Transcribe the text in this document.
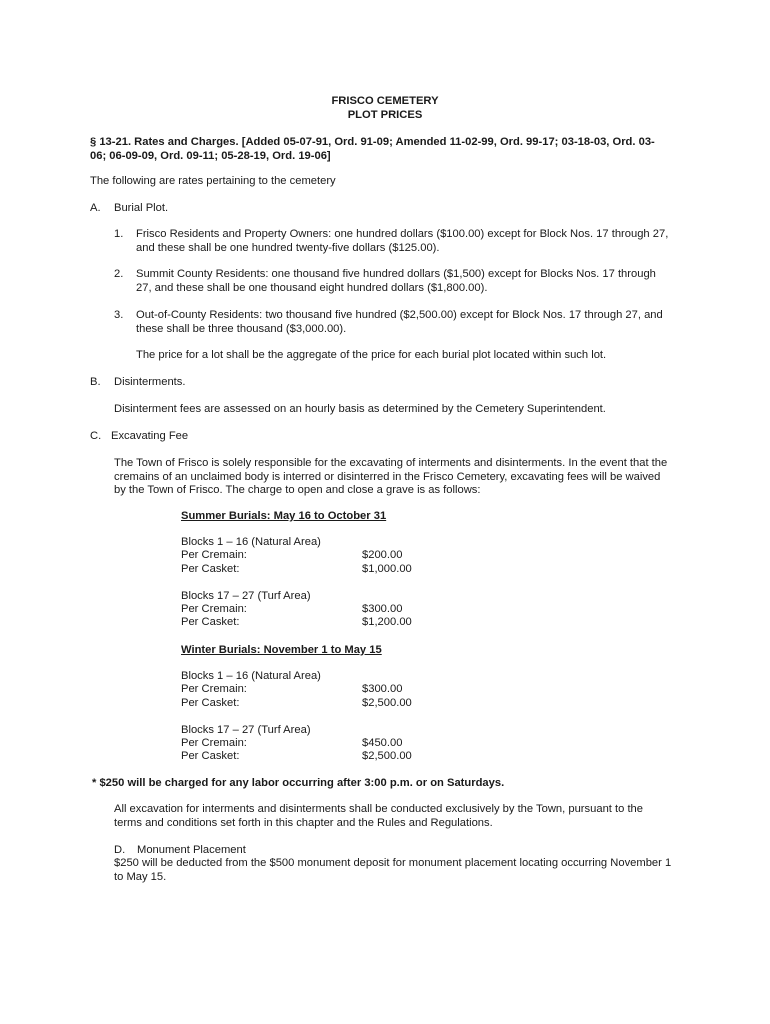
FRISCO CEMETERY
PLOT PRICES
§ 13-21. Rates and Charges. [Added 05-07-91, Ord. 91-09; Amended 11-02-99, Ord. 99-17; 03-18-03, Ord. 03-
06; 06-09-09, Ord. 09-11; 05-28-19, Ord. 19-06]
The following are rates pertaining to the cemetery
A. Burial Plot.
1. Frisco Residents and Property Owners: one hundred dollars ($100.00) except for Block Nos. 17 through 27,
and these shall be one hundred twenty-five dollars ($125.00).
2. Summit County Residents: one thousand five hundred dollars ($1,500) except for Blocks Nos. 17 through
27, and these shall be one thousand eight hundred dollars ($1,800.00).
3. Out-of-County Residents: two thousand five hundred ($2,500.00) except for Block Nos. 17 through 27, and
these shall be three thousand ($3,000.00).
The price for a lot shall be the aggregate of the price for each burial plot located within such lot.
B. Disinterments.
Disinterment fees are assessed on an hourly basis as determined by the Cemetery Superintendent.
C. Excavating Fee
The Town of Frisco is solely responsible for the excavating of interments and disinterments. In the event that the
cremains of an unclaimed body is interred or disinterred in the Frisco Cemetery, excavating fees will be waived
by the Town of Frisco. The charge to open and close a grave is as follows:
Summer Burials: May 16 to October 31
Blocks 1 – 16 (Natural Area)
Per Cremain:	$200.00
Per Casket:	$1,000.00
Blocks 17 – 27 (Turf Area)
Per Cremain:	$300.00
Per Casket:	$1,200.00
Winter Burials: November 1 to May 15
Blocks 1 – 16 (Natural Area)
Per Cremain:	$300.00
Per Casket:	$2,500.00
Blocks 17 – 27 (Turf Area)
Per Cremain:	$450.00
Per Casket:	$2,500.00
* $250 will be charged for any labor occurring after 3:00 p.m. or on Saturdays.
All excavation for interments and disinterments shall be conducted exclusively by the Town, pursuant to the
terms and conditions set forth in this chapter and the Rules and Regulations.
D. Monument Placement
$250 will be deducted from the $500 monument deposit for monument placement locating occurring November 1
to May 15.
